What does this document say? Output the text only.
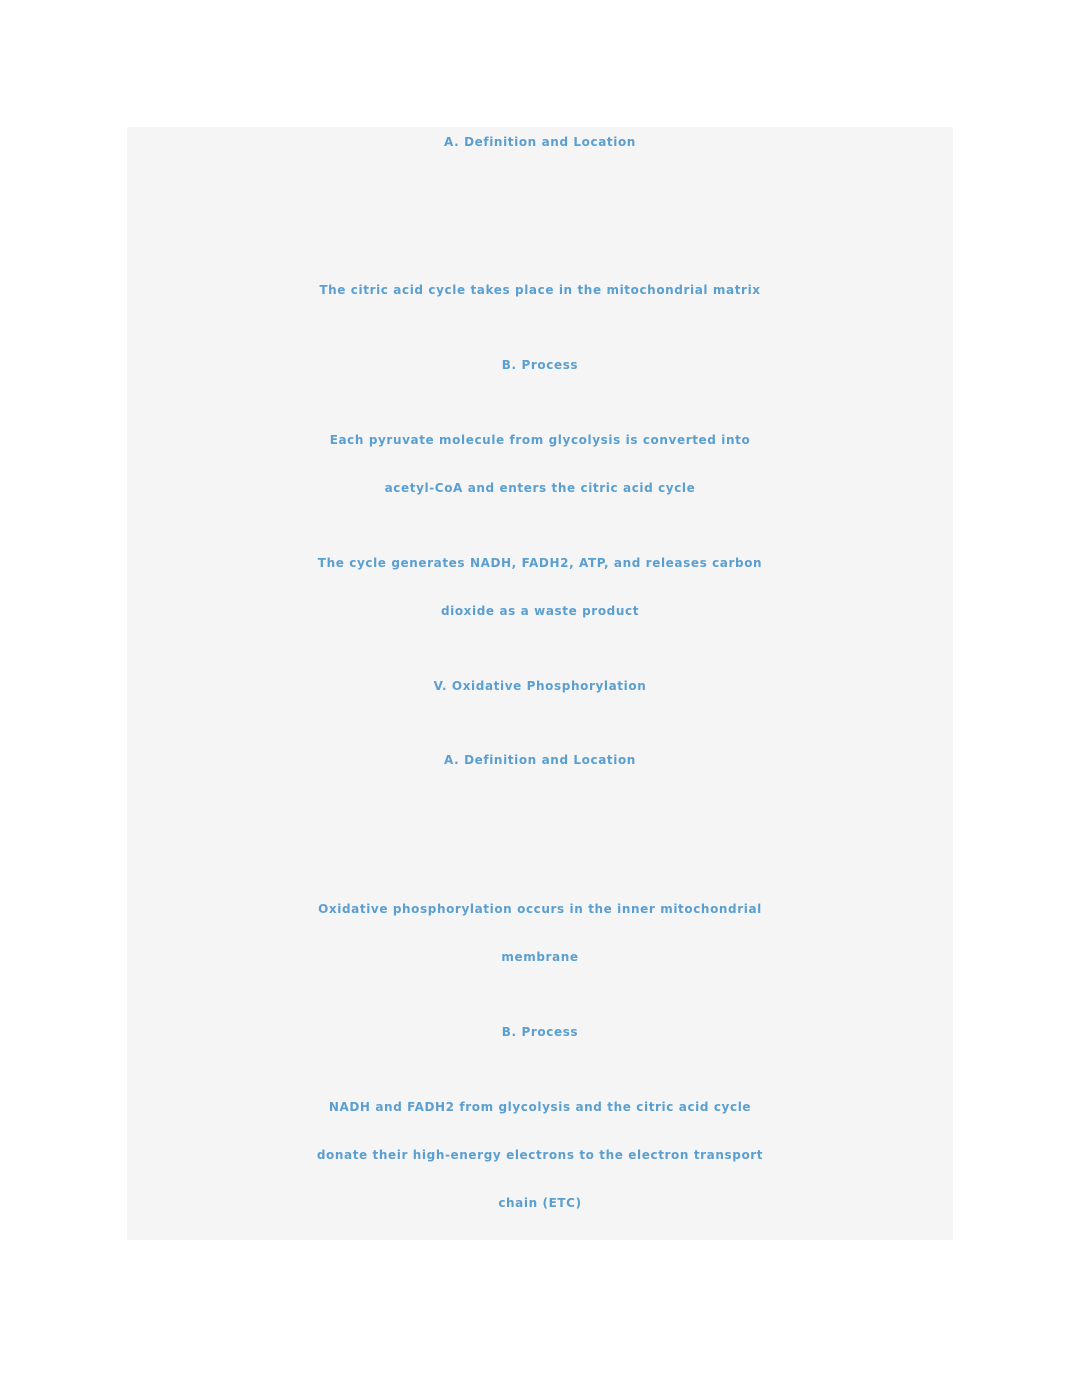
A. Definition and Location
The citric acid cycle takes place in the mitochondrial matrix
B. Process
Each pyruvate molecule from glycolysis is converted into
acetyl-CoA and enters the citric acid cycle
The cycle generates NADH, FADH2, ATP, and releases carbon
dioxide as a waste product
V. Oxidative Phosphorylation
A. Definition and Location
Oxidative phosphorylation occurs in the inner mitochondrial
membrane
B. Process
NADH and FADH2 from glycolysis and the citric acid cycle
donate their high-energy electrons to the electron transport
chain (ETC)
